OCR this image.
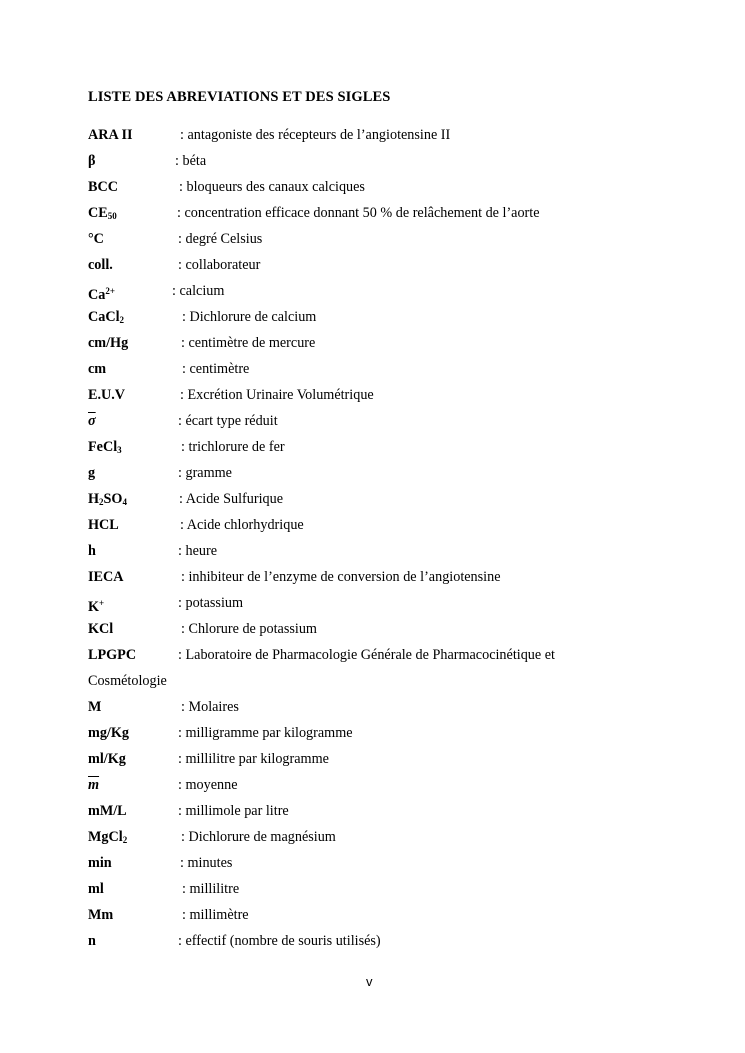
LISTE DES ABREVIATIONS ET DES SIGLES
ARA II	: antagoniste des récepteurs de l’angiotensine II
β	: béta
BCC	: bloqueurs des canaux calciques
$CE_{50}$	: concentration efficace donnant 50 % de relâchement de l’aorte
°C	: degré Celsius
coll.	: collaborateur
$Ca^{2+}$	: calcium
CaCl$_2$	: Dichlorure de calcium
cm/Hg	: centimètre de mercure
cm	: centimètre
E.U.V	: Excrétion Urinaire Volumétrique
$\overline{\sigma}$	: écart type réduit
FeCl$_3$	: trichlorure de fer
g	: gramme
$H_2SO_4$	: Acide Sulfurique
HCL	: Acide chlorhydrique
h	: heure
IECA	: inhibiteur de l’enzyme de conversion de l’angiotensine
K+	: potassium
KCl	: Chlorure de potassium
LPGPC	: Laboratoire de Pharmacologie Générale de Pharmacocinétique et
Cosmétologie
M	: Molaires
mg/Kg	: milligramme par kilogramme
ml/Kg	: millilitre par kilogramme
$\overline{m}$	: moyenne
mM/L	: millimole par litre
MgCl$_2$	: Dichlorure de magnésium
min	: minutes
ml	: millilitre
Mm	: millimètre
n	: effectif (nombre de souris utilisés)
v
